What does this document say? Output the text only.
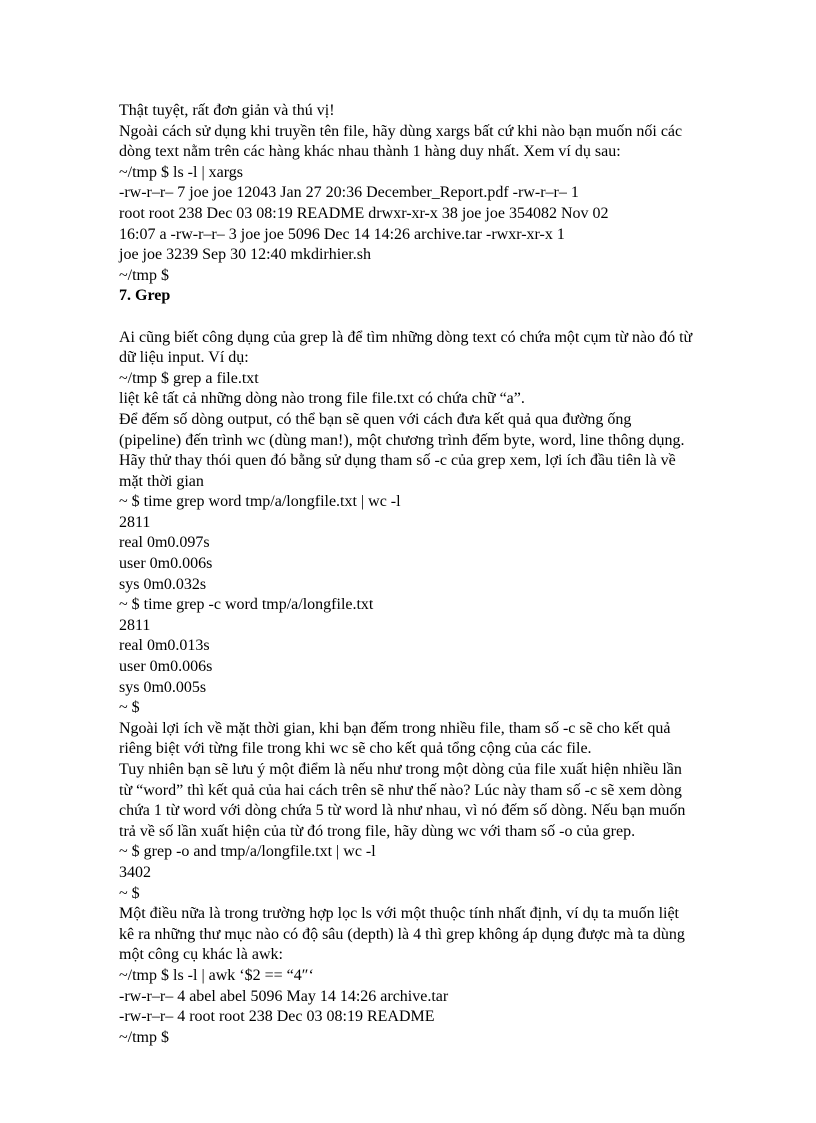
Thật tuyệt, rất đơn giản và thú vị!
Ngoài cách sử dụng khi truyền tên file, hãy dùng xargs bất cứ khi nào bạn muốn nối các
dòng text nằm trên các hàng khác nhau thành 1 hàng duy nhất. Xem ví dụ sau:
~/tmp $ ls -l | xargs
-rw-r–r– 7 joe joe 12043 Jan 27 20:36 December_Report.pdf -rw-r–r– 1
root root 238 Dec 03 08:19 README drwxr-xr-x 38 joe joe 354082 Nov 02
16:07 a -rw-r–r– 3 joe joe 5096 Dec 14 14:26 archive.tar -rwxr-xr-x 1
joe joe 3239 Sep 30 12:40 mkdirhier.sh
~/tmp $
7. Grep
Ai cũng biết công dụng của grep là để tìm những dòng text có chứa một cụm từ nào đó từ
dữ liệu input. Ví dụ:
~/tmp $ grep a file.txt
liệt kê tất cả những dòng nào trong file file.txt có chứa chữ “a”.
Để đếm số dòng output, có thể bạn sẽ quen với cách đưa kết quả qua đường ống
(pipeline) đến trình wc (dùng man!), một chương trình đếm byte, word, line thông dụng.
Hãy thử thay thói quen đó bằng sử dụng tham số -c của grep xem, lợi ích đầu tiên là về
mặt thời gian
~ $ time grep word tmp/a/longfile.txt | wc -l
2811
real 0m0.097s
user 0m0.006s
sys 0m0.032s
~ $ time grep -c word tmp/a/longfile.txt
2811
real 0m0.013s
user 0m0.006s
sys 0m0.005s
~ $
Ngoài lợi ích về mặt thời gian, khi bạn đếm trong nhiều file, tham số -c sẽ cho kết quả
riêng biệt với từng file trong khi wc sẽ cho kết quả tổng cộng của các file.
Tuy nhiên bạn sẽ lưu ý một điểm là nếu như trong một dòng của file xuất hiện nhiều lần
từ “word” thì kết quả của hai cách trên sẽ như thế nào? Lúc này tham số -c sẽ xem dòng
chứa 1 từ word với dòng chứa 5 từ word là như nhau, vì nó đếm số dòng. Nếu bạn muốn
trả về số lần xuất hiện của từ đó trong file, hãy dùng wc với tham số -o của grep.
~ $ grep -o and tmp/a/longfile.txt | wc -l
3402
~ $
Một điều nữa là trong trường hợp lọc ls với một thuộc tính nhất định, ví dụ ta muốn liệt
kê ra những thư mục nào có độ sâu (depth) là 4 thì grep không áp dụng được mà ta dùng
một công cụ khác là awk:
~/tmp $ ls -l | awk ‘$2 == “4″‘
-rw-r–r– 4 abel abel 5096 May 14 14:26 archive.tar
-rw-r–r– 4 root root 238 Dec 03 08:19 README
~/tmp $
